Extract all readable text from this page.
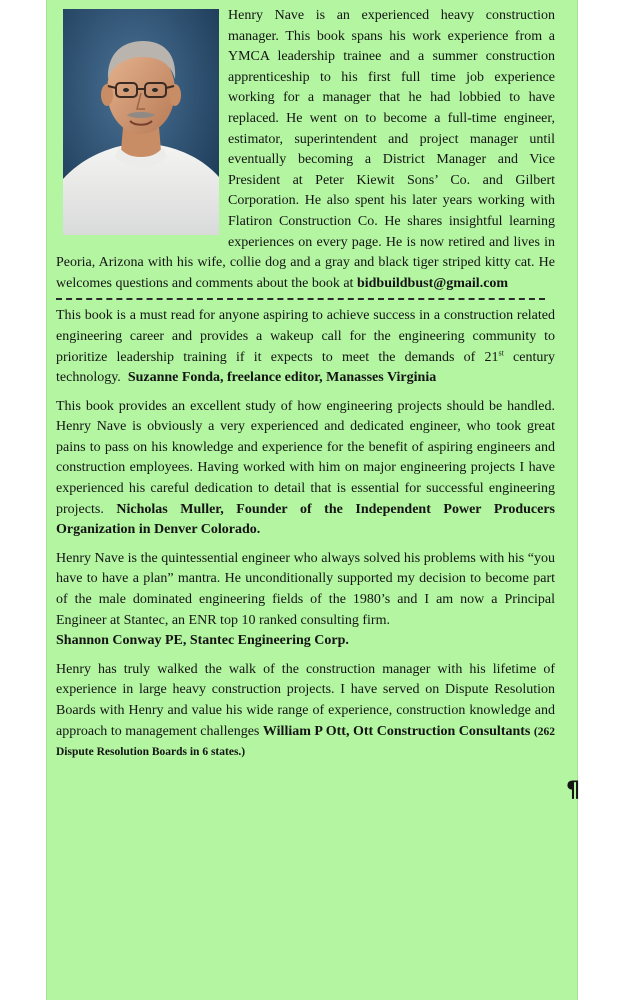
Henry Nave is an experienced heavy construction manager. This book spans his work experience from a YMCA leadership trainee and a summer construction apprenticeship to his first full time job experience working for a manager that he had lobbied to have replaced. He went on to become a full-time engineer, estimator, superintendent and project manager until eventually becoming a District Manager and Vice President at Peter Kiewit Sons’ Co. and Gilbert Corporation. He also spent his later years working with Flatiron Construction Co. He shares insightful learning experiences on every page. He is now retired and lives in Peoria, Arizona with his wife, collie dog and a gray and black tiger striped kitty cat. He welcomes questions and comments about the book at bidbuildbust@gmail.com

This book is a must read for anyone aspiring to achieve success in a construction related engineering career and provides a wakeup call for the engineering community to prioritize leadership training if it expects to meet the demands of 21st century technology. Suzanne Fonda, freelance editor, Manasses Virginia

This book provides an excellent study of how engineering projects should be handled. Henry Nave is obviously a very experienced and dedicated engineer, who took great pains to pass on his knowledge and experience for the benefit of aspiring engineers and construction employees. Having worked with him on major engineering projects I have experienced his careful dedication to detail that is essential for successful engineering projects. Nicholas Muller, Founder of the Independent Power Producers Organization in Denver Colorado.

Henry Nave is the quintessential engineer who always solved his problems with his “you have to have a plan” mantra. He unconditionally supported my decision to become part of the male dominated engineering fields of the 1980’s and I am now a Principal Engineer at Stantec, an ENR top 10 ranked consulting firm.
Shannon Conway PE, Stantec Engineering Corp.

Henry has truly walked the walk of the construction manager with his lifetime of experience in large heavy construction projects. I have served on Dispute Resolution Boards with Henry and value his wide range of experience, construction knowledge and approach to management challenges William P Ott, Ott Construction Consultants (262 Dispute Resolution Boards in 6 states.)

¶
